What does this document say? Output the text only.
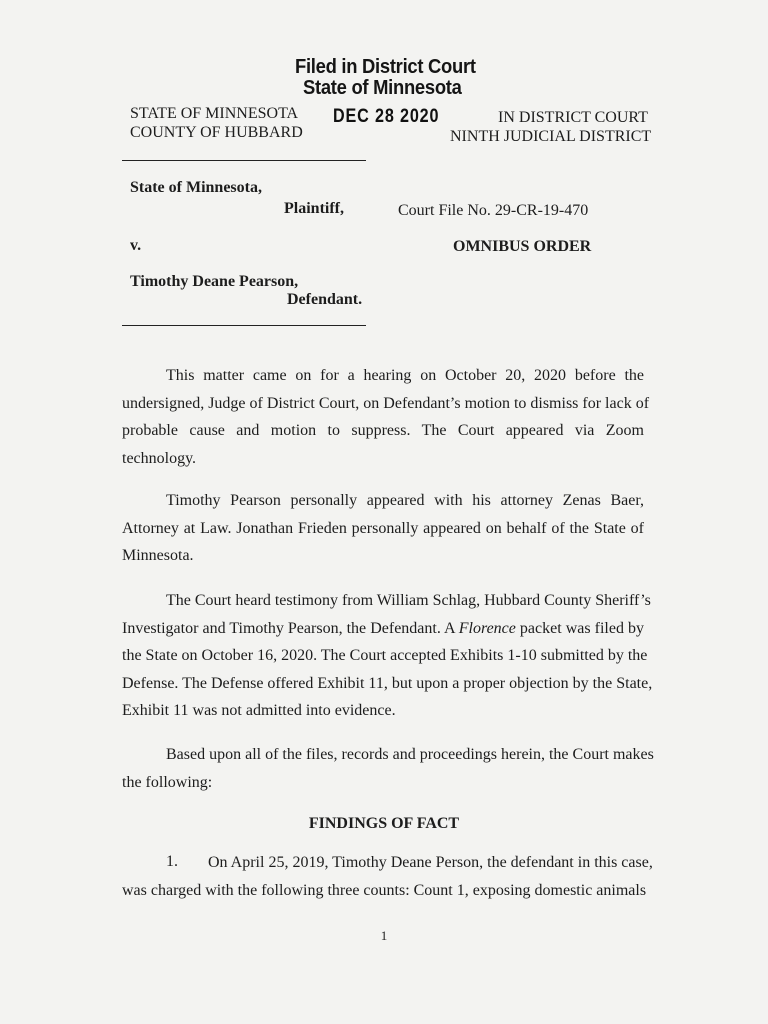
Filed in District Court
State of Minnesota
DEC 28 2020
STATE OF MINNESOTA
COUNTY OF HUBBARD
IN DISTRICT COURT
NINTH JUDICIAL DISTRICT
State of Minnesota,
Plaintiff,	Court File No. 29-CR-19-470
v.	OMNIBUS ORDER
Timothy Deane Pearson,
Defendant.
This matter came on for a hearing on October 20, 2020 before the
undersigned, Judge of District Court, on Defendant’s motion to dismiss for lack of
probable cause and motion to suppress. The Court appeared via Zoom
technology.
Timothy Pearson personally appeared with his attorney Zenas Baer,
Attorney at Law. Jonathan Frieden personally appeared on behalf of the State of
Minnesota.
The Court heard testimony from William Schlag, Hubbard County Sheriff’s
Investigator and Timothy Pearson, the Defendant. A Florence packet was filed by
the State on October 16, 2020. The Court accepted Exhibits 1-10 submitted by the
Defense. The Defense offered Exhibit 11, but upon a proper objection by the State,
Exhibit 11 was not admitted into evidence.
Based upon all of the files, records and proceedings herein, the Court makes
the following:
FINDINGS OF FACT
1.	On April 25, 2019, Timothy Deane Person, the defendant in this case,
was charged with the following three counts: Count 1, exposing domestic animals
1
